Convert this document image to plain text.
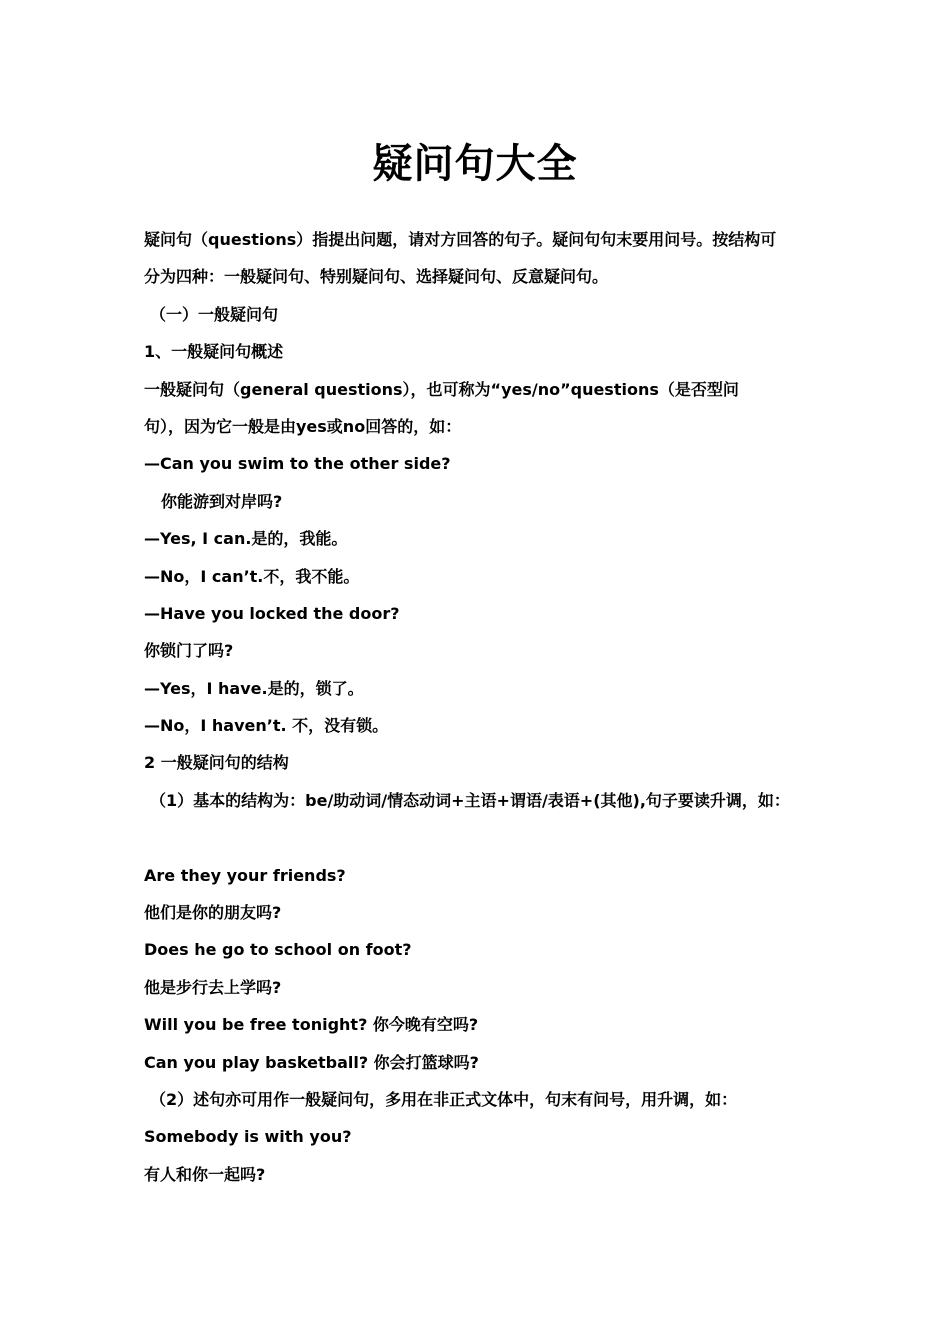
疑问句大全
疑问句（questions）指提出问题，请对方回答的句子。疑问句句末要用问号。按结构可
分为四种：一般疑问句、特别疑问句、选择疑问句、反意疑问句。
（一）一般疑问句
1、一般疑问句概述
一般疑问句（general questions），也可称为“yes/no”questions（是否型问
句），因为它一般是由yes或no回答的，如：
—Can you swim to the other side?
你能游到对岸吗?
—Yes, I can.是的，我能。
—No，I can’t.不，我不能。
—Have you locked the door?
你锁门了吗?
—Yes，I have.是的，锁了。
—No，I haven’t. 不，没有锁。
2 一般疑问句的结构
（1）基本的结构为：be/助动词/情态动词+主语+谓语/表语+(其他),句子要读升调，如：
Are they your friends?
他们是你的朋友吗?
Does he go to school on foot?
他是步行去上学吗?
Will you be free tonight? 你今晚有空吗?
Can you play basketball? 你会打篮球吗?
（2）述句亦可用作一般疑问句，多用在非正式文体中，句末有问号，用升调，如：
Somebody is with you?
有人和你一起吗?
